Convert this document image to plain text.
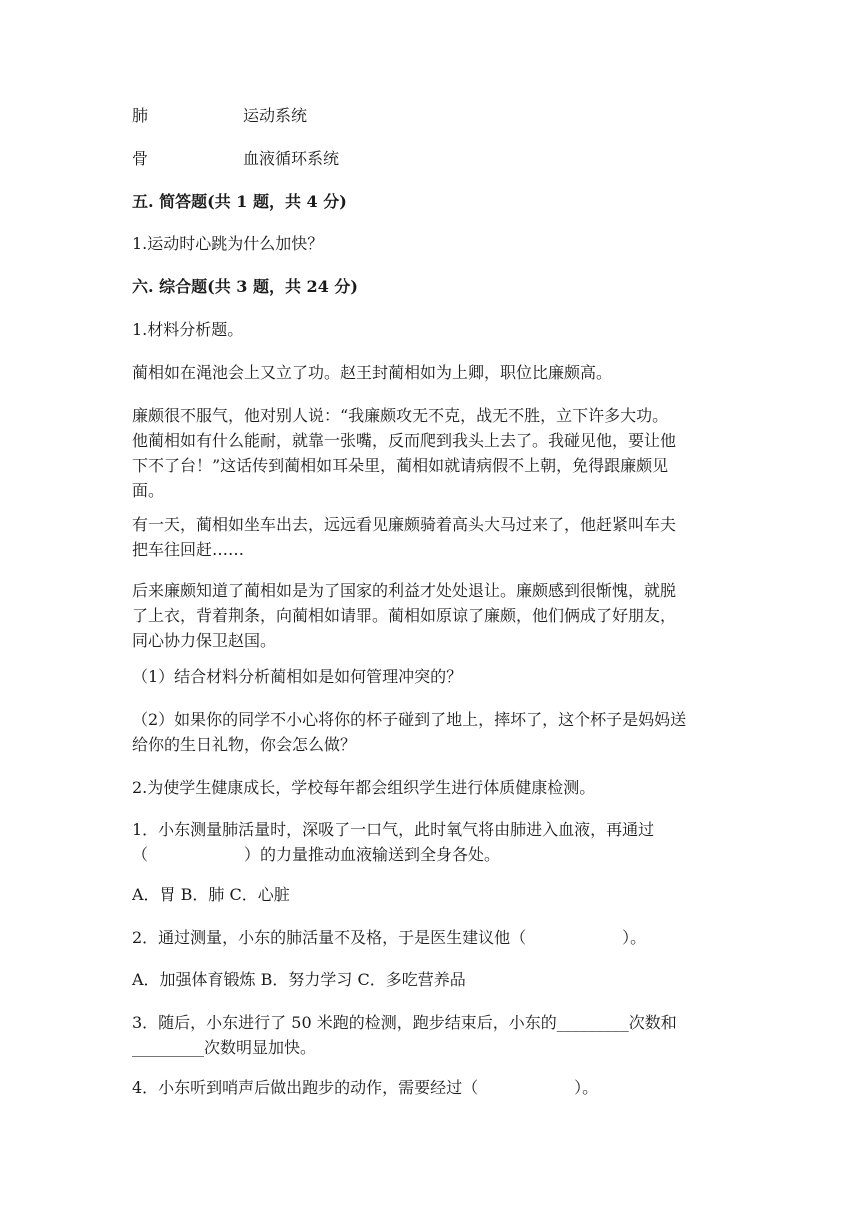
肺	运动系统
骨	血液循环系统
五. 简答题(共 1 题，共 4 分)
1.运动时心跳为什么加快？
六. 综合题(共 3 题，共 24 分)
1.材料分析题。
蔺相如在渑池会上又立了功。赵王封蔺相如为上卿，职位比廉颇高。
廉颇很不服气，他对别人说：“我廉颇攻无不克，战无不胜，立下许多大功。
他蔺相如有什么能耐，就靠一张嘴，反而爬到我头上去了。我碰见他，要让他
下不了台！”这话传到蔺相如耳朵里，蔺相如就请病假不上朝，免得跟廉颇见
面。
有一天，蔺相如坐车出去，远远看见廉颇骑着高头大马过来了，他赶紧叫车夫
把车往回赶……
后来廉颇知道了蔺相如是为了国家的利益才处处退让。廉颇感到很惭愧，就脱
了上衣，背着荆条，向蔺相如请罪。蔺相如原谅了廉颇，他们俩成了好朋友，
同心协力保卫赵国。
（1）结合材料分析蔺相如是如何管理冲突的？
（2）如果你的同学不小心将你的杯子碰到了地上，摔坏了，这个杯子是妈妈送
给你的生日礼物，你会怎么做？
2.为使学生健康成长，学校每年都会组织学生进行体质健康检测。
1．小东测量肺活量时，深吸了一口气，此时氧气将由肺进入血液，再通过
（　　　　　　）的力量推动血液输送到全身各处。
A．胃 B．肺 C．心脏
2．通过测量，小东的肺活量不及格，于是医生建议他（　　　　　　）。
A．加强体育锻炼 B．努力学习 C．多吃营养品
3．随后，小东进行了 50 米跑的检测，跑步结束后，小东的_________次数和
_________次数明显加快。
4．小东听到哨声后做出跑步的动作，需要经过（　　　　　　）。
